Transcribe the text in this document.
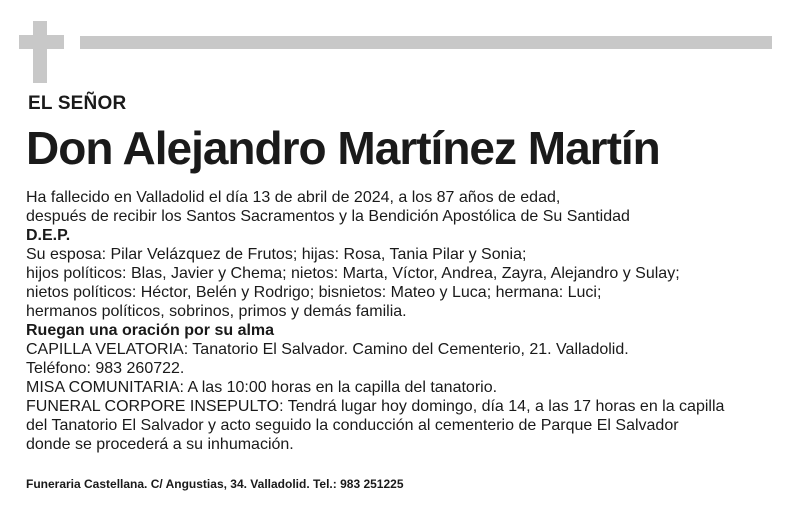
EL SEÑOR
Don Alejandro Martínez Martín

Ha fallecido en Valladolid el día 13 de abril de 2024, a los 87 años de edad,

después de recibir los Santos Sacramentos y la Bendición Apostólica de Su Santidad

D.E.P.

Su esposa: Pilar Velázquez de Frutos; hijas: Rosa, Tania Pilar y Sonia;

hijos políticos: Blas, Javier y Chema; nietos: Marta, Víctor, Andrea, Zayra, Alejandro y Sulay;

nietos políticos: Héctor, Belén y Rodrigo; bisnietos: Mateo y Luca; hermana: Luci;

hermanos políticos, sobrinos, primos y demás familia.

Ruegan una oración por su alma

CAPILLA VELATORIA: Tanatorio El Salvador. Camino del Cementerio, 21. Valladolid.

Teléfono: 983 260722.

MISA COMUNITARIA: A las 10:00 horas en la capilla del tanatorio.

FUNERAL CORPORE INSEPULTO: Tendrá lugar hoy domingo, día 14, a las 17 horas en la capilla

del Tanatorio El Salvador y acto seguido la conducción al cementerio de Parque El Salvador

donde se procederá a su inhumación.

Funeraria Castellana. C/ Angustias, 34. Valladolid. Tel.: 983 251225
